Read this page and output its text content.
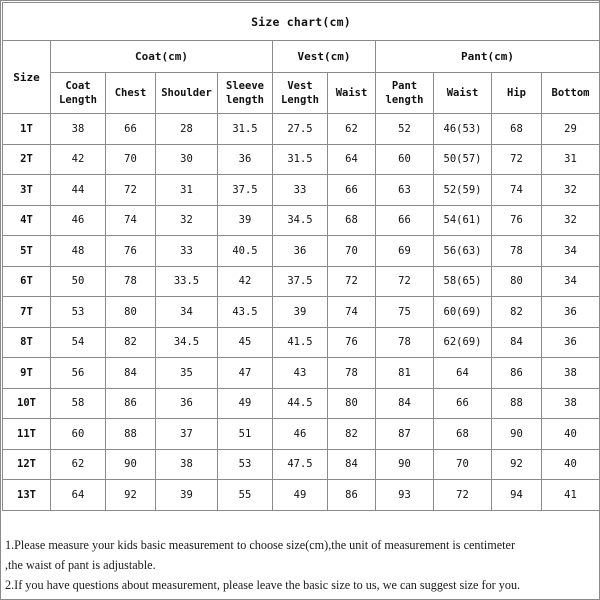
Size chart(cm)										
Size	Coat(cm)				Vest(cm)		Pant(cm)			
	Coat Length	Chest	Shoulder	Sleeve length	Vest Length	Waist	Pant length	Waist	Hip	Bottom
1T	38	66	28	31.5	27.5	62	52	46(53)	68	29
2T	42	70	30	36	31.5	64	60	50(57)	72	31
3T	44	72	31	37.5	33	66	63	52(59)	74	32
4T	46	74	32	39	34.5	68	66	54(61)	76	32
5T	48	76	33	40.5	36	70	69	56(63)	78	34
6T	50	78	33.5	42	37.5	72	72	58(65)	80	34
7T	53	80	34	43.5	39	74	75	60(69)	82	36
8T	54	82	34.5	45	41.5	76	78	62(69)	84	36
9T	56	84	35	47	43	78	81	64	86	38
10T	58	86	36	49	44.5	80	84	66	88	38
11T	60	88	37	51	46	82	87	68	90	40
12T	62	90	38	53	47.5	84	90	70	92	40
13T	64	92	39	55	49	86	93	72	94	41
1.Please measure your kids basic measurement to choose size(cm),the unit of measurement is centimeter
,the waist of pant is adjustable.
2.If you have questions about measurement, please leave the basic size to us, we can suggest size for you.
